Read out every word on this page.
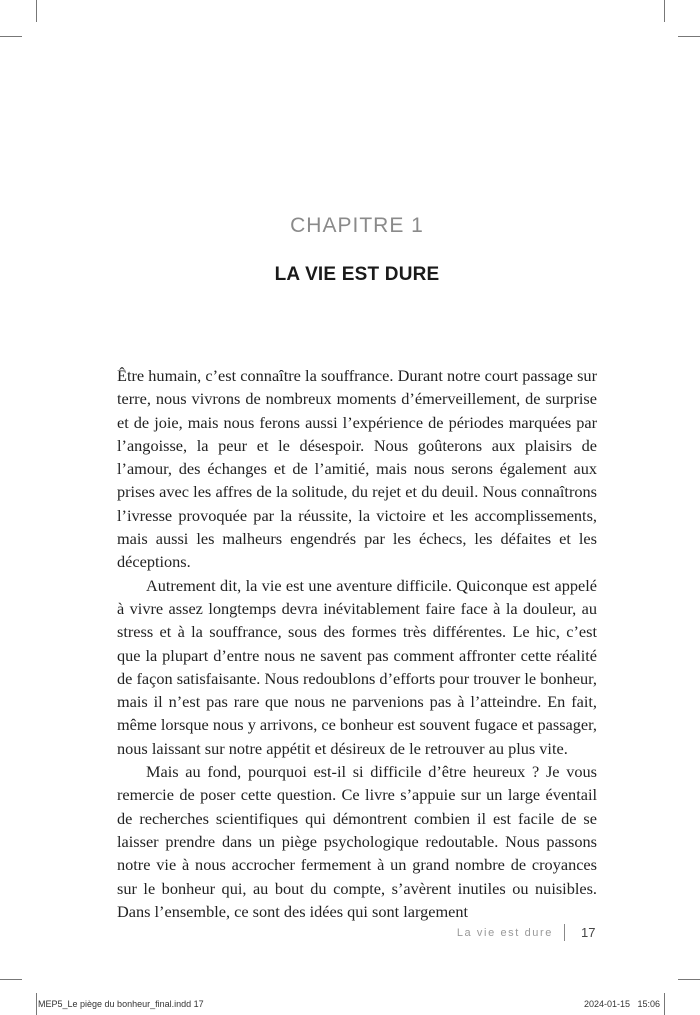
CHAPITRE 1
LA VIE EST DURE

Être humain, c’est connaître la souffrance. Durant notre court passage sur terre, nous vivrons de nombreux moments d’émerveillement, de surprise et de joie, mais nous ferons aussi l’expérience de périodes marquées par l’angoisse, la peur et le désespoir. Nous goûterons aux plaisirs de l’amour, des échanges et de l’amitié, mais nous serons également aux prises avec les affres de la solitude, du rejet et du deuil. Nous connaîtrons l’ivresse provoquée par la réussite, la victoire et les accomplissements, mais aussi les malheurs engendrés par les échecs, les défaites et les déceptions.

Autrement dit, la vie est une aventure difficile. Quiconque est appelé à vivre assez longtemps devra inévitablement faire face à la douleur, au stress et à la souffrance, sous des formes très différentes. Le hic, c’est que la plupart d’entre nous ne savent pas comment affronter cette réalité de façon satisfaisante. Nous redoublons d’efforts pour trouver le bonheur, mais il n’est pas rare que nous ne parvenions pas à l’atteindre. En fait, même lorsque nous y arrivons, ce bonheur est souvent fugace et passager, nous laissant sur notre appétit et désireux de le retrouver au plus vite.

Mais au fond, pourquoi est-il si difficile d’être heureux ? Je vous remercie de poser cette question. Ce livre s’appuie sur un large éventail de recherches scientifiques qui démontrent combien il est facile de se laisser prendre dans un piège psychologique redoutable. Nous passons notre vie à nous accrocher fermement à un grand nombre de croyances sur le bonheur qui, au bout du compte, s’avèrent inutiles ou nuisibles. Dans l’ensemble, ce sont des idées qui sont largement

La vie est dure 17
MEP5_Le piège du bonheur_final.indd 17	2024-01-15   15:06
